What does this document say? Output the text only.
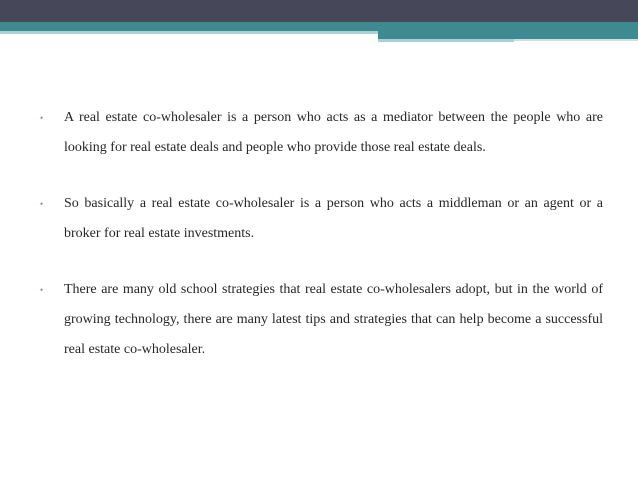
•	A real estate co-wholesaler is a person who acts as a mediator between the people who are looking for real estate deals and people who provide those real estate deals.
•	So basically a real estate co-wholesaler is a person who acts a middleman or an agent or a broker for real estate investments.
•	There are many old school strategies that real estate co-wholesalers adopt, but in the world of growing technology, there are many latest tips and strategies that can help become a successful real estate co-wholesaler.
